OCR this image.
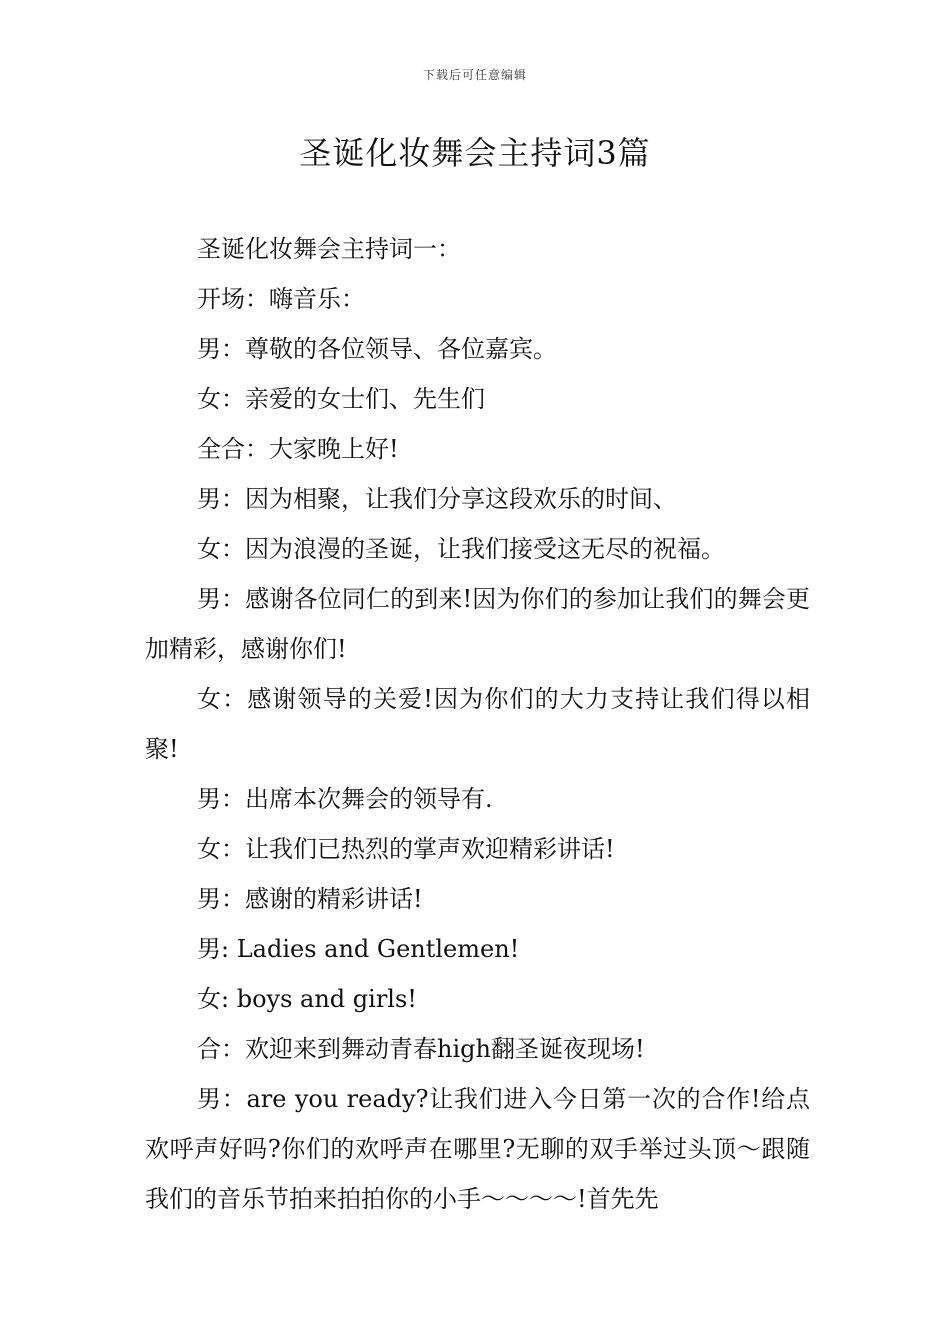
下载后可任意编辑
圣诞化妆舞会主持词3篇

圣诞化妆舞会主持词一：

开场：嗨音乐：

男：尊敬的各位领导、各位嘉宾。

女：亲爱的女士们、先生们

全合：大家晚上好!

男：因为相聚，让我们分享这段欢乐的时间、

女：因为浪漫的圣诞，让我们接受这无尽的祝福。

男：感谢各位同仁的到来!因为你们的参加让我们的舞会更加精彩，感谢你们!

女：感谢领导的关爱!因为你们的大力支持让我们得以相聚!

男：出席本次舞会的领导有.

女：让我们已热烈的掌声欢迎精彩讲话!

男：感谢的精彩讲话!

男: Ladies and Gentlemen!

女: boys and girls!

合：欢迎来到舞动青春high翻圣诞夜现场!

男：are you ready?让我们进入今日第一次的合作!给点欢呼声好吗?你们的欢呼声在哪里?无聊的双手举过头顶～跟随我们的音乐节拍来拍拍你的小手～～～～!首先先
